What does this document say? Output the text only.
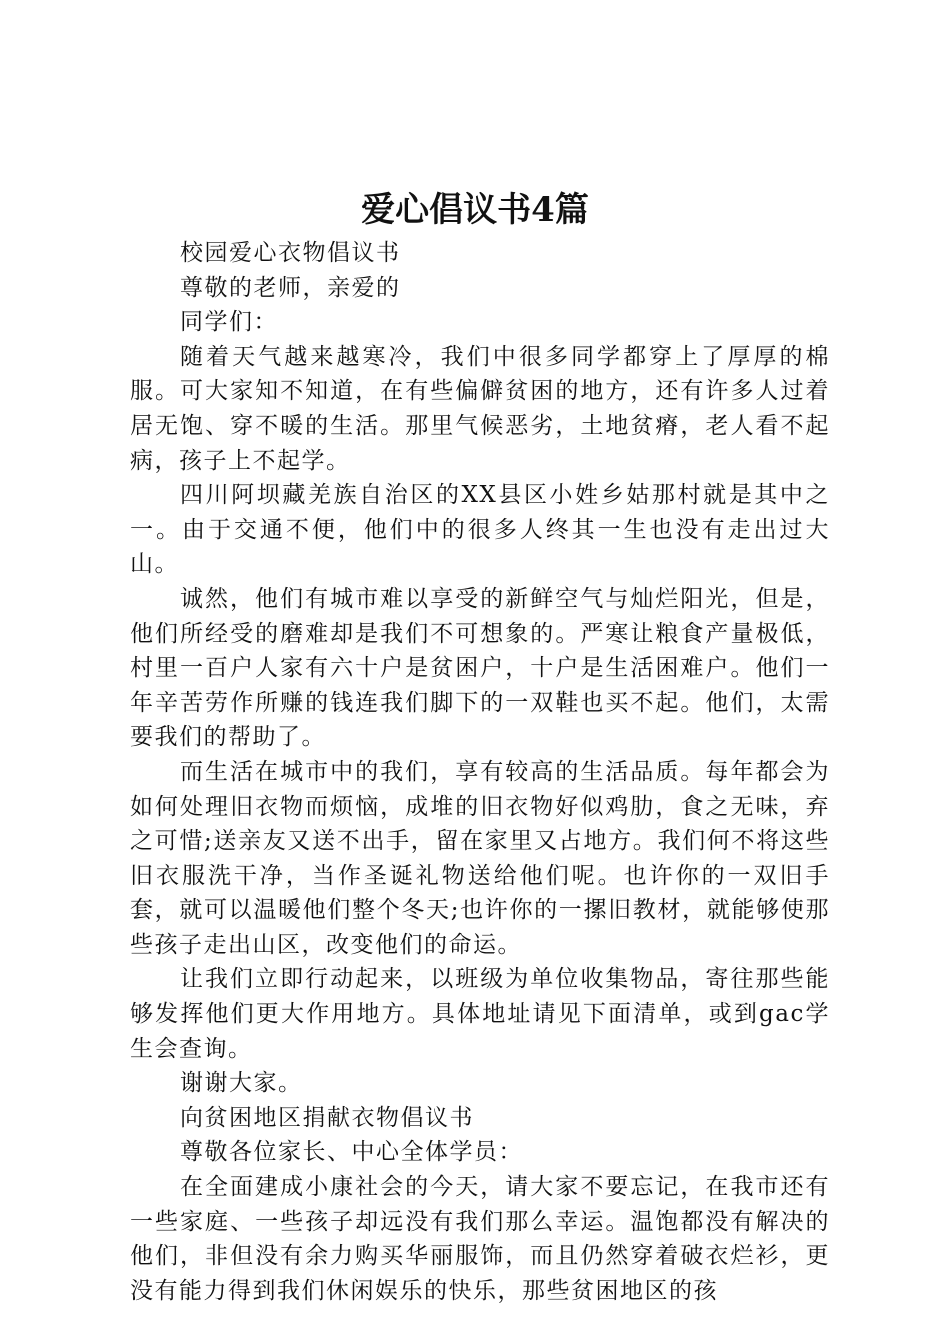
爱心倡议书4篇

校园爱心衣物倡议书

尊敬的老师，亲爱的

同学们：

随着天气越来越寒冷，我们中很多同学都穿上了厚厚的棉服。可大家知不知道，在有些偏僻贫困的地方，还有许多人过着居无饱、穿不暖的生活。那里气候恶劣，土地贫瘠，老人看不起病，孩子上不起学。

四川阿坝藏羌族自治区的XX县区小姓乡姑那村就是其中之一。由于交通不便，他们中的很多人终其一生也没有走出过大山。

诚然，他们有城市难以享受的新鲜空气与灿烂阳光，但是，他们所经受的磨难却是我们不可想象的。严寒让粮食产量极低，村里一百户人家有六十户是贫困户，十户是生活困难户。他们一年辛苦劳作所赚的钱连我们脚下的一双鞋也买不起。他们，太需要我们的帮助了。

而生活在城市中的我们，享有较高的生活品质。每年都会为如何处理旧衣物而烦恼，成堆的旧衣物好似鸡肋，食之无味，弃之可惜;送亲友又送不出手，留在家里又占地方。我们何不将这些旧衣服洗干净，当作圣诞礼物送给他们呢。也许你的一双旧手套，就可以温暖他们整个冬天;也许你的一摞旧教材，就能够使那些孩子走出山区，改变他们的命运。

让我们立即行动起来，以班级为单位收集物品，寄往那些能够发挥他们更大作用地方。具体地址请见下面清单，或到gac学生会查询。

谢谢大家。

向贫困地区捐献衣物倡议书

尊敬各位家长、中心全体学员：

在全面建成小康社会的今天，请大家不要忘记，在我市还有一些家庭、一些孩子却远没有我们那么幸运。温饱都没有解决的他们，非但没有余力购买华丽服饰，而且仍然穿着破衣烂衫，更没有能力得到我们休闲娱乐的快乐，那些贫困地区的孩
